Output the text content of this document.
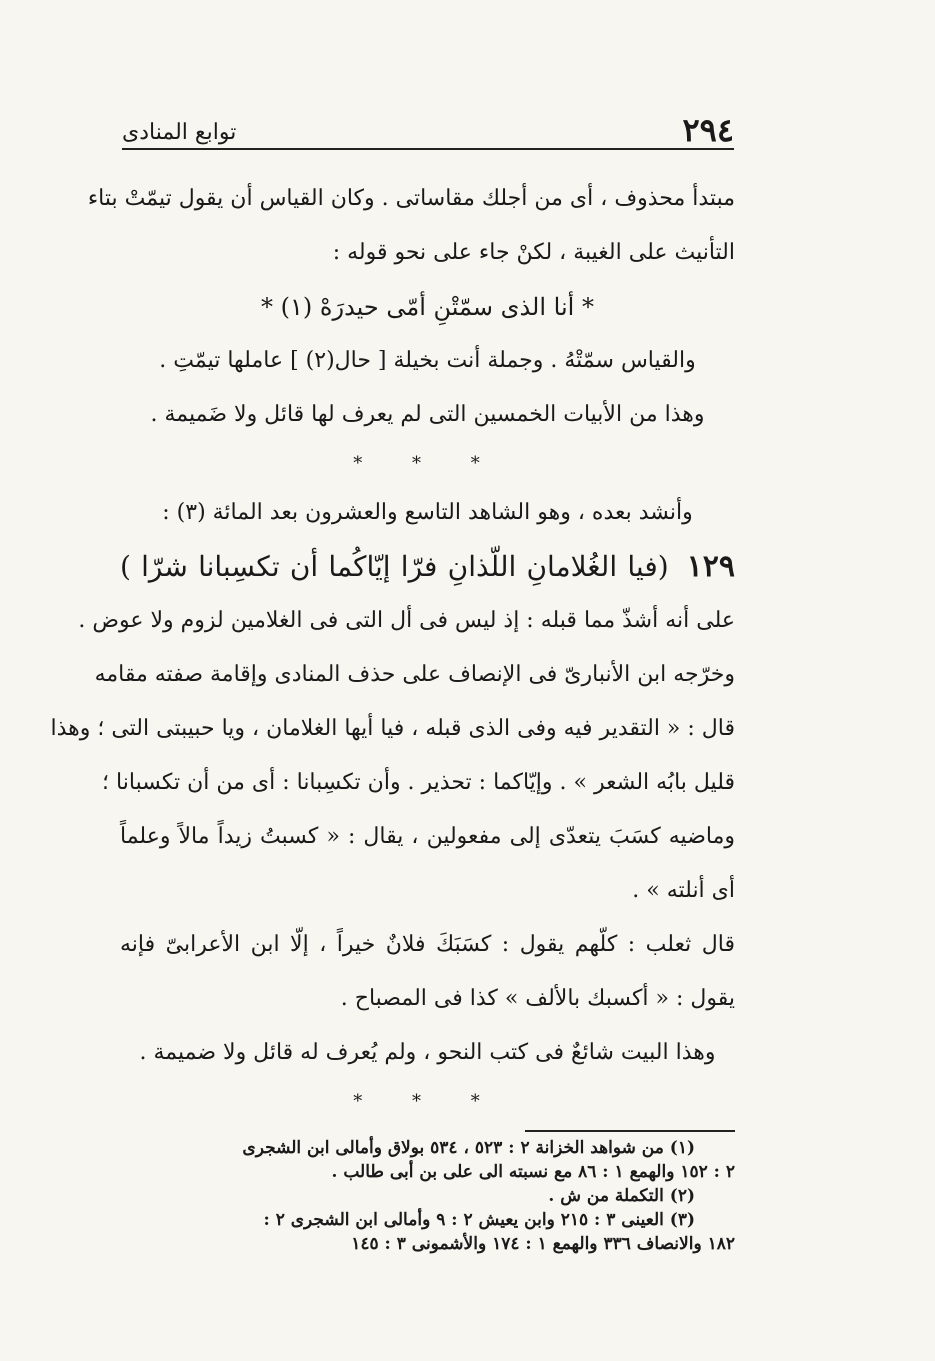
٢٩٤
توابع المنادى
مبتدأ محذوف ، أى من أجلك مقاساتى . وكان القياس أن يقول تيمّتْ بتاء
التأنيث على الغيبة ، لكنْ جاء على نحو قوله :
* أنا الذى سمّتْنِ أمّى حيدرَهْ (١) *
والقياس سمّتْهُ . وجملة أنت بخيلة [ حال(٢) ] عاملها تيمّتِ .
وهذا من الأبيات الخمسين التى لم يعرف لها قائل ولا ضَميمة .
* * *
وأنشد بعده ، وهو الشاهد التاسع والعشرون بعد المائة (٣) :
١٢٩
(
فيا الغُلامانِ اللّذانِ فرّا إيّاكُما أن تكسِبانا شرّا )
على أنه أشذّ مما قبله : إذ ليس فى أل التى فى الغلامين لزوم ولا عوض .
وخرّجه ابن الأنبارىّ فى الإنصاف على حذف المنادى وإقامة صفته مقامه
قال : « التقدير فيه وفى الذى قبله ، فيا أيها الغلامان ، ويا حبيبتى التى ؛ وهذا
قليل بابُه الشعر » . وإيّاكما : تحذير . وأن تكسِبانا : أى من أن تكسبانا ؛
وماضيه كسَبَ يتعدّى إلى مفعولين ، يقال : « كسبتُ زيداً مالاً وعلماً
أى أنلته » .
قال ثعلب : كلّهم يقول : كسَبَكَ فلانٌ خيراً ، إلّا ابن الأعرابىّ فإنه
يقول : « أكسبك بالألف » كذا فى المصباح .
وهذا البيت شائعٌ فى كتب النحو ، ولم يُعرف له قائل ولا ضميمة .
* * *
(١) من شواهد الخزانة ٢ : ٥٢٣ ، ٥٣٤ بولاق وأمالى ابن الشجرى
٢ : ١٥٢ والهمع ١ : ٨٦ مع نسبته الى على بن أبى طالب .
(٢) التكملة من ش .
(٣) العينى ٣ : ٢١٥ وابن يعيش ٢ : ٩ وأمالى ابن الشجرى ٢ :
١٨٢ والانصاف ٣٣٦ والهمع ١ : ١٧٤ والأشمونى ٣ : ١٤٥
